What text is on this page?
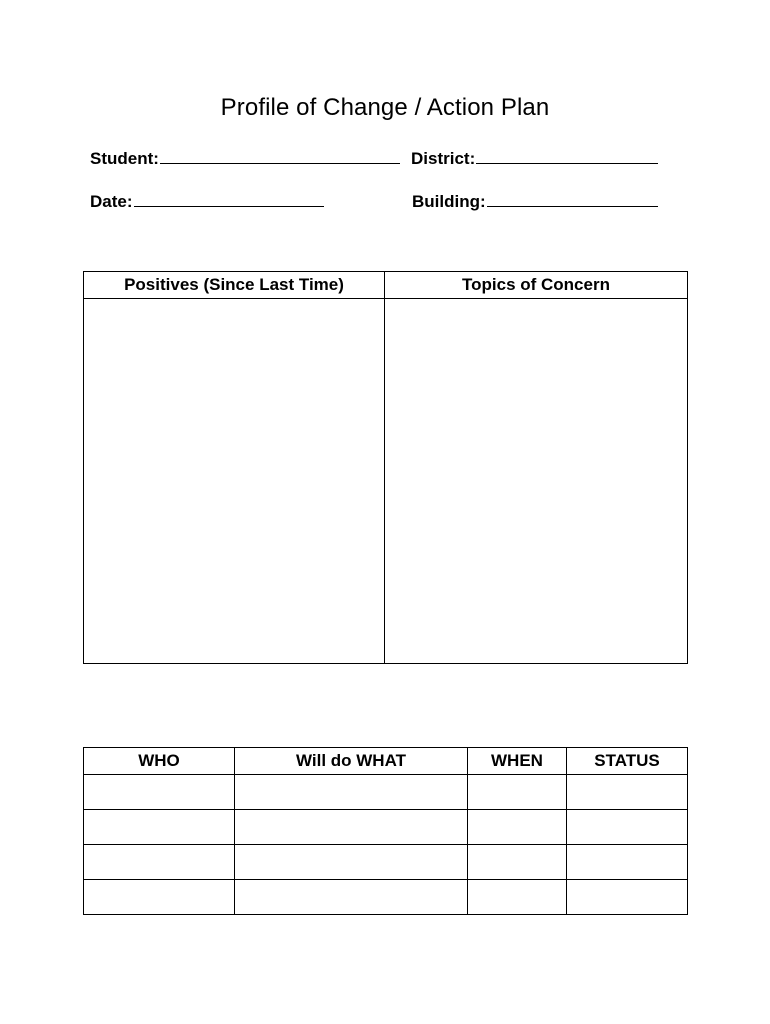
Profile of Change / Action Plan
Student:	District:
Date:	Building:
Positives (Since Last Time)	Topics of Concern

WHO	Will do WHAT	WHEN	STATUS
